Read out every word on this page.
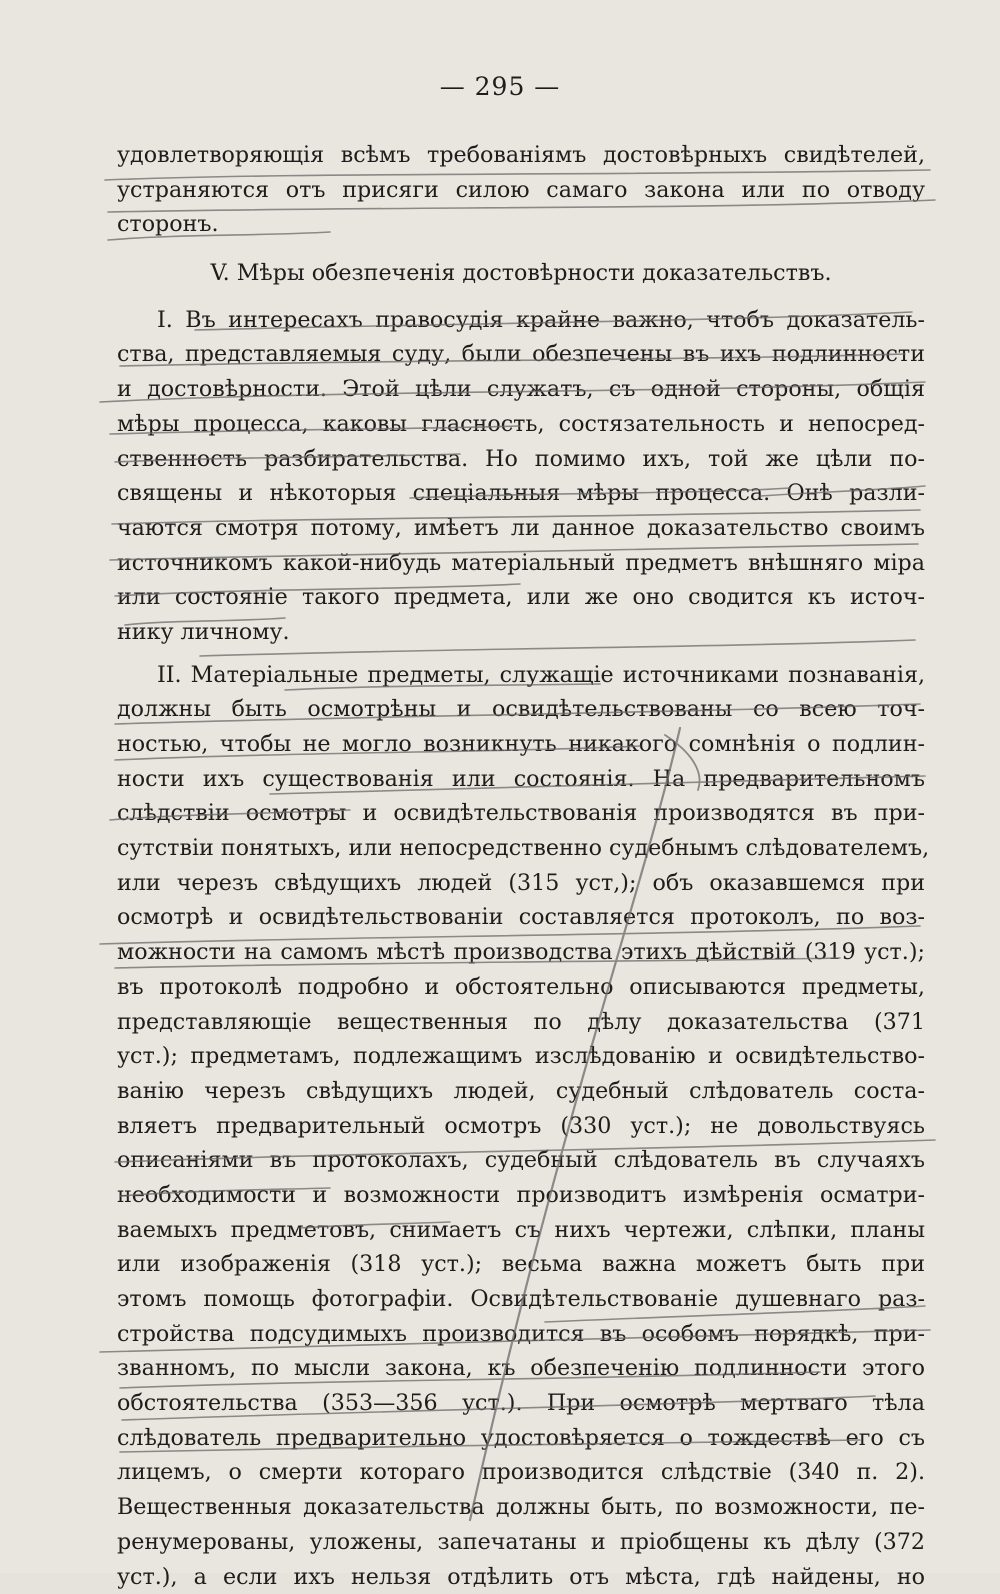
— 295 —
удовлетворяющія всѣмъ требованіямъ достовѣрныхъ свидѣтелей,
устраняются отъ присяги силою самаго закона или по отводу
сторонъ.
V. Мѣры обезпеченія достовѣрности доказательствъ.
I. Въ интересахъ правосудія крайне важно, чтобъ доказатель-
ства, представляемыя суду, были обезпечены въ ихъ подлинности
и достовѣрности. Этой цѣли служатъ, съ одной стороны, общія
мѣры процесса, каковы гласность, состязательность и непосред-
ственность разбирательства. Но помимо ихъ, той же цѣли по-
священы и нѣкоторыя спеціальныя мѣры процесса. Онѣ разли-
чаются смотря потому, имѣетъ ли данное доказательство своимъ
источникомъ какой-нибудь матеріальный предметъ внѣшняго міра
или состояніе такого предмета, или же оно сводится къ источ-
нику личному.
II. Матеріальные предметы, служащіе источниками познаванія,
должны быть осмотрѣны и освидѣтельствованы со всею точ-
ностью, чтобы не могло возникнуть никакого сомнѣнія о подлин-
ности ихъ существованія или состоянія. На предварительномъ
слѣдствіи осмотры и освидѣтельствованія производятся въ при-
сутствіи понятыхъ, или непосредственно судебнымъ слѣдователемъ,
или черезъ свѣдущихъ людей (315 уст,); объ оказавшемся при
осмотрѣ и освидѣтельствованіи составляется протоколъ, по воз-
можности на самомъ мѣстѣ производства этихъ дѣйствій (319 уст.);
въ протоколѣ подробно и обстоятельно описываются предметы,
представляющіе вещественныя по дѣлу доказательства (371
уст.); предметамъ, подлежащимъ изслѣдованію и освидѣтельство-
ванію черезъ свѣдущихъ людей, судебный слѣдователь соста-
вляетъ предварительный осмотръ (330 уст.); не довольствуясь
описаніями въ протоколахъ, судебный слѣдователь въ случаяхъ
необходимости и возможности производитъ измѣренія осматри-
ваемыхъ предметовъ, снимаетъ съ нихъ чертежи, слѣпки, планы
или изображенія (318 уст.); весьма важна можетъ быть при
этомъ помощь фотографіи. Освидѣтельствованіе душевнаго раз-
стройства подсудимыхъ производится въ особомъ порядкѣ, при-
званномъ, по мысли закона, къ обезпеченію подлинности этого
обстоятельства (353—356 уст.). При осмотрѣ мертваго тѣла
слѣдователь предварительно удостовѣряется о тождествѣ его съ
лицемъ, о смерти котораго производится слѣдствіе (340 п. 2).
Вещественныя доказательства должны быть, по возможности, пе-
ренумерованы, уложены, запечатаны и пріобщены къ дѣлу (372
уст.), а если ихъ нельзя отдѣлить отъ мѣста, гдѣ найдены, но
